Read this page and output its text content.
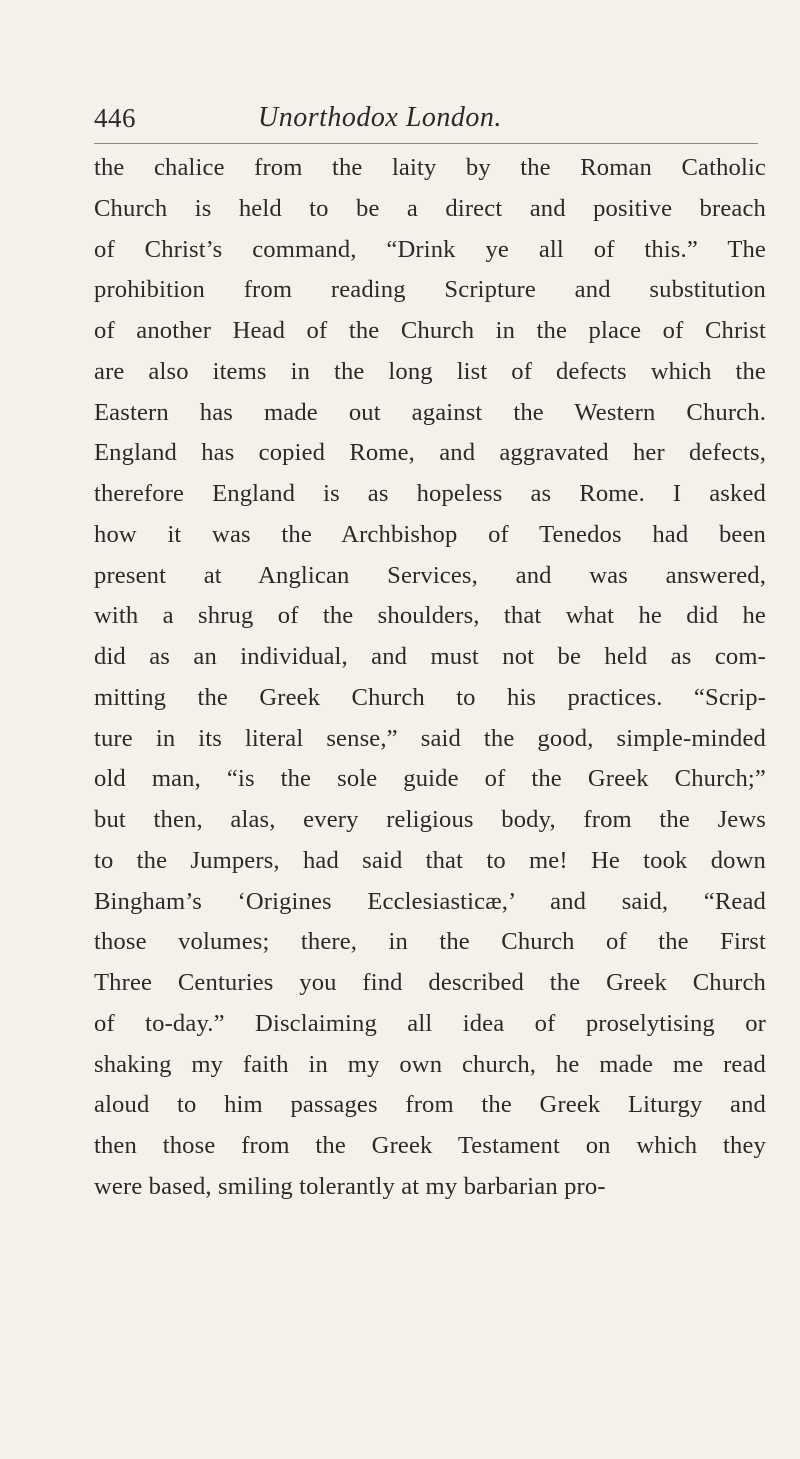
446	Unorthodox London.
the chalice from the laity by the Roman Catholic
Church is held to be a direct and positive breach
of Christ’s command, “Drink ye all of this.” The
prohibition from reading Scripture and substitution
of another Head of the Church in the place of Christ
are also items in the long list of defects which the
Eastern has made out against the Western Church.
England has copied Rome, and aggravated her defects,
therefore England is as hopeless as Rome. I asked
how it was the Archbishop of Tenedos had been
present at Anglican Services, and was answered,
with a shrug of the shoulders, that what he did he
did as an individual, and must not be held as com-
mitting the Greek Church to his practices. “Scrip-
ture in its literal sense,” said the good, simple-minded
old man, “is the sole guide of the Greek Church;”
but then, alas, every religious body, from the Jews
to the Jumpers, had said that to me! He took down
Bingham’s ‘Origines Ecclesiasticæ,’ and said, “Read
those volumes; there, in the Church of the First
Three Centuries you find described the Greek Church
of to-day.” Disclaiming all idea of proselytising or
shaking my faith in my own church, he made me read
aloud to him passages from the Greek Liturgy and
then those from the Greek Testament on which they
were based, smiling tolerantly at my barbarian pro-
